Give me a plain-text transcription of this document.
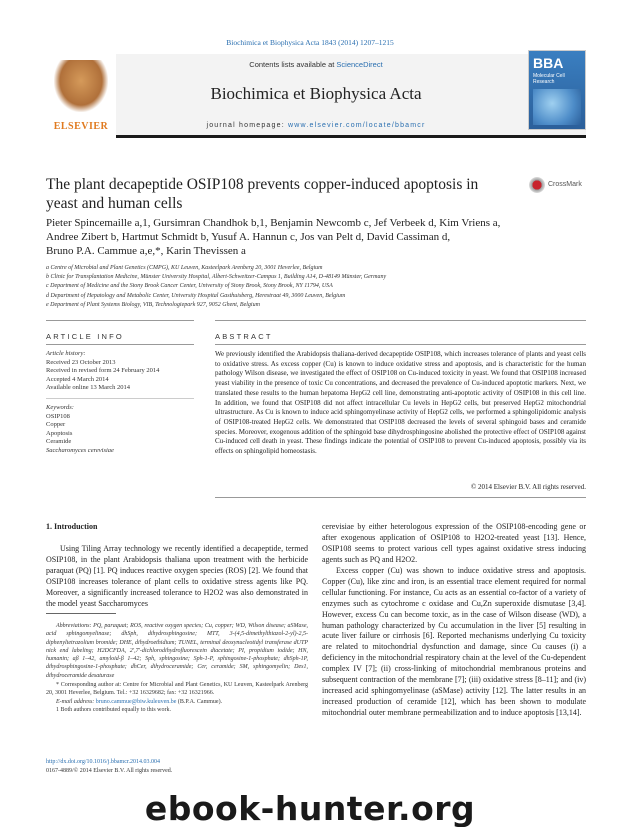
Biochimica et Biophysica Acta 1843 (2014) 1207–1215
ELSEVIER
Contents lists available at ScienceDirect
Biochimica et Biophysica Acta
journal homepage: www.elsevier.com/locate/bbamcr
BBA
Molecular Cell Research
The plant decapeptide OSIP108 prevents copper-induced apoptosis in yeast and human cells
CrossMark
Pieter Spincemaille a,1, Gursimran Chandhok b,1, Benjamin Newcomb c, Jef Verbeek d, Kim Vriens a,
Andree Zibert b, Hartmut Schmidt b, Yusuf A. Hannun c, Jos van Pelt d, David Cassiman d,
Bruno P.A. Cammue a,e,*, Karin Thevissen a
a Centre of Microbial and Plant Genetics (CMPG), KU Leuven, Kasteelpark Arenberg 20, 3001 Heverlee, Belgium
b Clinic for Transplantation Medicine, Münster University Hospital, Albert-Schweitzer-Campus 1, Building A14, D-48149 Münster, Germany
c Department of Medicine and the Stony Brook Cancer Center, University of Stony Brook, Stony Brook, NY 11794, USA
d Department of Hepatology and Metabolic Center, University Hospital Gasthuisberg, Herestraat 49, 3000 Leuven, Belgium
e Department of Plant Systems Biology, VIB, Technologiepark 927, 9052 Ghent, Belgium
ARTICLE INFO	ABSTRACT
Article history:
Received 23 October 2013
Received in revised form 24 February 2014
Accepted 4 March 2014
Available online 13 March 2014
Keywords:
OSIP108
Copper
Apoptosis
Ceramide
Saccharomyces cerevisiae
We previously identified the Arabidopsis thaliana-derived decapeptide OSIP108, which increases tolerance of plants and yeast cells to oxidative stress. As excess copper (Cu) is known to induce oxidative stress and apoptosis, and is characteristic for the human pathology Wilson disease, we investigated the effect of OSIP108 on Cu-induced toxicity in yeast. We found that OSIP108 increased yeast viability in the presence of toxic Cu concentrations, and decreased the prevalence of Cu-induced apoptotic markers. Next, we translated these results to the human hepatoma HepG2 cell line, demonstrating anti-apoptotic activity of OSIP108 in this cell line. In addition, we found that OSIP108 did not affect intracellular Cu levels in HepG2 cells, but preserved HepG2 mitochondrial ultrastructure. As Cu is known to induce acid sphingomyelinase activity of HepG2 cells, we performed a sphingolipidomic analysis of OSIP108-treated HepG2 cells. We demonstrated that OSIP108 decreased the levels of several sphingoid bases and ceramide species. Moreover, exogenous addition of the sphingoid base dihydrosphingosine abolished the protective effect of OSIP108 against Cu-induced cell death in yeast. These findings indicate the potential of OSIP108 to prevent Cu-induced apoptosis, possibly via its effects on sphingolipid homeostasis.
© 2014 Elsevier B.V. All rights reserved.
1. Introduction
Using Tiling Array technology we recently identified a decapeptide, termed OSIP108, in the plant Arabidopsis thaliana upon treatment with the herbicide paraquat (PQ) [1]. PQ induces reactive oxygen species (ROS) [2]. We found that OSIP108 increases tolerance of plant cells to oxidative stress agents like PQ. Moreover, a significantly increased tolerance to H2O2 was also demonstrated in the model yeast Saccharomyces
Abbreviations: PQ, paraquat; ROS, reactive oxygen species; Cu, copper; WD, Wilson disease; aSMase, acid sphingomyelinase; dhSph, dihydrosphingosine; MTT, 3-(4,5-dimethylthiazol-2-yl)-2,5-diphenyltetrazolium bromide; DHE, dihydroethidium; TUNEL, terminal deoxynucleotidyl transferase dUTP nick end labeling; H2DCFDA, 2′,7′-dichlorodihydrofluorescein diacetate; PI, propidium iodide; HN, humanin; aβ 1–42, amyloid-β 1–42; Sph, sphingosine; Sph-1-P, sphingosine-1-phosphate; dhSph-1P, dihydrosphingosine-1-phosphate; dhCer, dihydroceramide; Cer, ceramide; SM, sphingomyelin; Des1, dihydroceramide desaturase
* Corresponding author at: Centre for Microbial and Plant Genetics, KU Leuven, Kasteelpark Arenberg 20, 3001 Heverlee, Belgium. Tel.: +32 16329682; fax: +32 16321966.
E-mail address: bruno.cammue@biw.kuleuven.be (B.P.A. Cammue).
1 Both authors contributed equally to this work.
cerevisiae by either heterologous expression of the OSIP108-encoding gene or after exogenous application of OSIP108 to H2O2-treated yeast [13]. Hence, OSIP108 seems to protect various cell types against oxidative stress inducing agents such as PQ and H2O2.
Excess copper (Cu) was shown to induce oxidative stress and apoptosis. Copper (Cu), like zinc and iron, is an essential trace element required for normal cellular functioning. For instance, Cu acts as an essential co-factor of a variety of enzymes such as cytochrome c oxidase and Cu,Zn superoxide dismutase [3,4]. However, excess Cu can become toxic, as in the case of Wilson disease (WD), a human pathology characterized by Cu accumulation in the liver [5] resulting in acute liver failure or cirrhosis [6]. Reported mechanisms underlying Cu toxicity are related to mitochondrial dysfunction and damage, since Cu causes (i) a deficiency in the mitochondrial respiratory chain at the level of the Cu-dependent complex IV [7]; (ii) cross-linking of mitochondrial membranous proteins and subsequent contraction of the membrane [7]; (iii) oxidative stress [8–11]; and (iv) increased acid sphingomyelinase (aSMase) activity [12]. The latter results in an increased production of ceramide [12], which has been shown to modulate mitochondrial outer membrane permeabilization and to induce apoptosis [13,14].
http://dx.doi.org/10.1016/j.bbamcr.2014.03.004
0167-4889/© 2014 Elsevier B.V. All rights reserved.
ebook-hunter.org
